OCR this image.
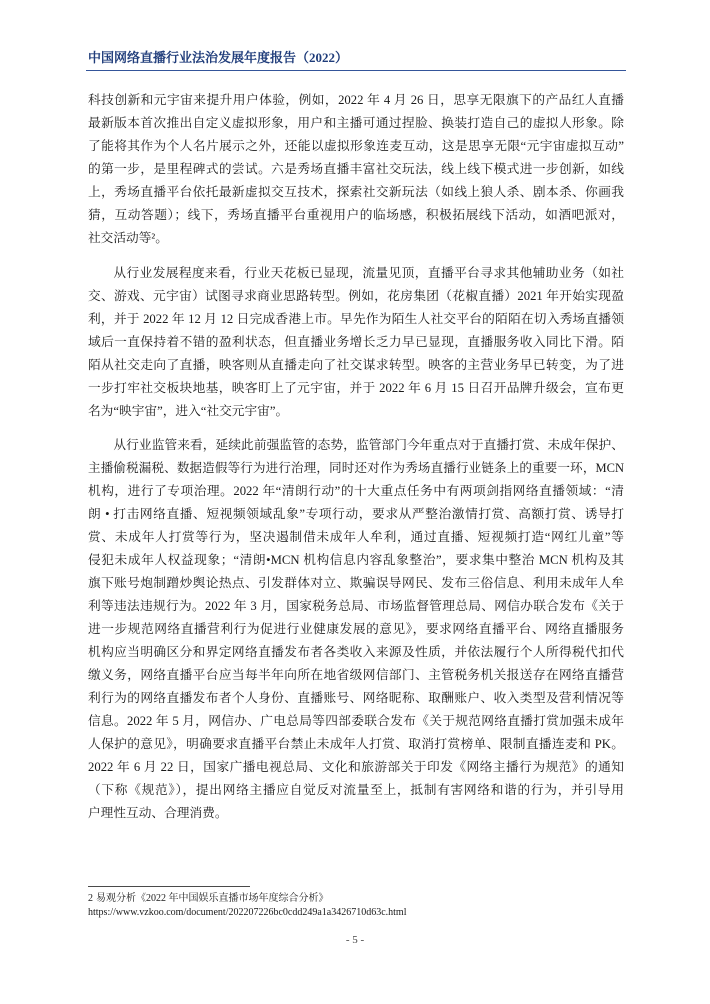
中国网络直播行业法治发展年度报告（2022）
科技创新和元宇宙来提升用户体验，例如，2022 年 4 月 26 日，思享无限旗下的产品红人直播
最新版本首次推出自定义虚拟形象，用户和主播可通过捏脸、换装打造自己的虚拟人形象。除
了能将其作为个人名片展示之外，还能以虚拟形象连麦互动，这是思享无限“元宇宙虚拟互动”
的第一步，是里程碑式的尝试。六是秀场直播丰富社交玩法，线上线下模式进一步创新，如线
上，秀场直播平台依托最新虚拟交互技术，探索社交新玩法（如线上狼人杀、剧本杀、你画我
猜，互动答题）；线下，秀场直播平台重视用户的临场感，积极拓展线下活动，如酒吧派对，
社交活动等²。
从行业发展程度来看，行业天花板已显现，流量见顶，直播平台寻求其他辅助业务（如社
交、游戏、元宇宙）试图寻求商业思路转型。例如，花房集团（花椒直播）2021 年开始实现盈
利，并于 2022 年 12 月 12 日完成香港上市。早先作为陌生人社交平台的陌陌在切入秀场直播领
域后一直保持着不错的盈利状态，但直播业务增长乏力早已显现，直播服务收入同比下滑。陌
陌从社交走向了直播，映客则从直播走向了社交谋求转型。映客的主营业务早已转变，为了进
一步打牢社交板块地基，映客盯上了元宇宙，并于 2022 年 6 月 15 日召开品牌升级会，宣布更
名为“映宇宙”，进入“社交元宇宙”。
从行业监管来看，延续此前强监管的态势，监管部门今年重点对于直播打赏、未成年保护、
主播偷税漏税、数据造假等行为进行治理，同时还对作为秀场直播行业链条上的重要一环，MCN
机构，进行了专项治理。2022 年“清朗行动”的十大重点任务中有两项剑指网络直播领域：“清
朗 • 打击网络直播、短视频领域乱象”专项行动，要求从严整治激情打赏、高额打赏、诱导打
赏、未成年人打赏等行为，坚决遏制借未成年人牟利，通过直播、短视频打造“网红儿童”等
侵犯未成年人权益现象；“清朗•MCN 机构信息内容乱象整治”，要求集中整治 MCN 机构及其
旗下账号炮制蹭炒舆论热点、引发群体对立、欺骗误导网民、发布三俗信息、利用未成年人牟
利等违法违规行为。2022 年 3 月，国家税务总局、市场监督管理总局、网信办联合发布《关于
进一步规范网络直播营利行为促进行业健康发展的意见》，要求网络直播平台、网络直播服务
机构应当明确区分和界定网络直播发布者各类收入来源及性质，并依法履行个人所得税代扣代
缴义务，网络直播平台应当每半年向所在地省级网信部门、主管税务机关报送存在网络直播营
利行为的网络直播发布者个人身份、直播账号、网络昵称、取酬账户、收入类型及营利情况等
信息。2022 年 5 月，网信办、广电总局等四部委联合发布《关于规范网络直播打赏加强未成年
人保护的意见》，明确要求直播平台禁止未成年人打赏、取消打赏榜单、限制直播连麦和 PK。
2022 年 6 月 22 日，国家广播电视总局、文化和旅游部关于印发《网络主播行为规范》的通知
（下称《规范》），提出网络主播应自觉反对流量至上，抵制有害网络和谐的行为，并引导用
户理性互动、合理消费。
2 易观分析《2022 年中国娱乐直播市场年度综合分析》
https://www.vzkoo.com/document/202207226bc0cdd249a1a3426710d63c.html
- 5 -
